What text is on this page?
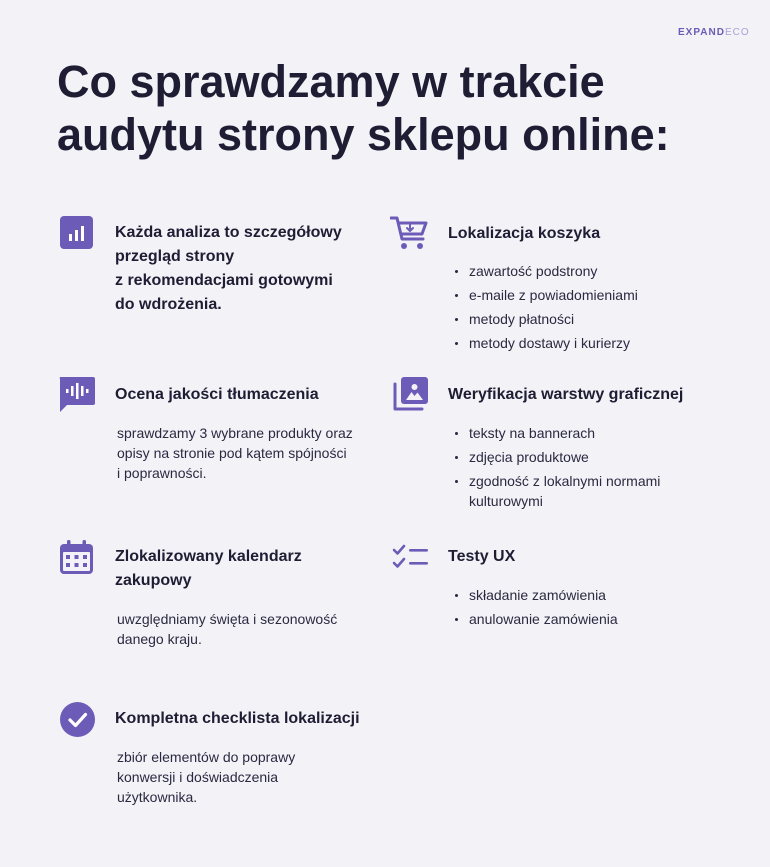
EXPANDECO
Co sprawdzamy w trakcie
audytu strony sklepu online:
Każda analiza to szczegółowy
przegląd strony
z rekomendacjami gotowymi
do wdrożenia.
Ocena jakości tłumaczenia
sprawdzamy 3 wybrane produkty oraz
opisy na stronie pod kątem spójności
i poprawności.
Zlokalizowany kalendarz
zakupowy
uwzględniamy święta i sezonowość
danego kraju.
Kompletna checklista lokalizacji
zbiór elementów do poprawy
konwersji i doświadczenia
użytkownika.
Lokalizacja koszyka
zawartość podstrony
e-maile z powiadomieniami
metody płatności
metody dostawy i kurierzy
Weryfikacja warstwy graficznej
teksty na bannerach
zdjęcia produktowe
zgodność z lokalnymi normami kulturowymi
Testy UX
składanie zamówienia
anulowanie zamówienia
